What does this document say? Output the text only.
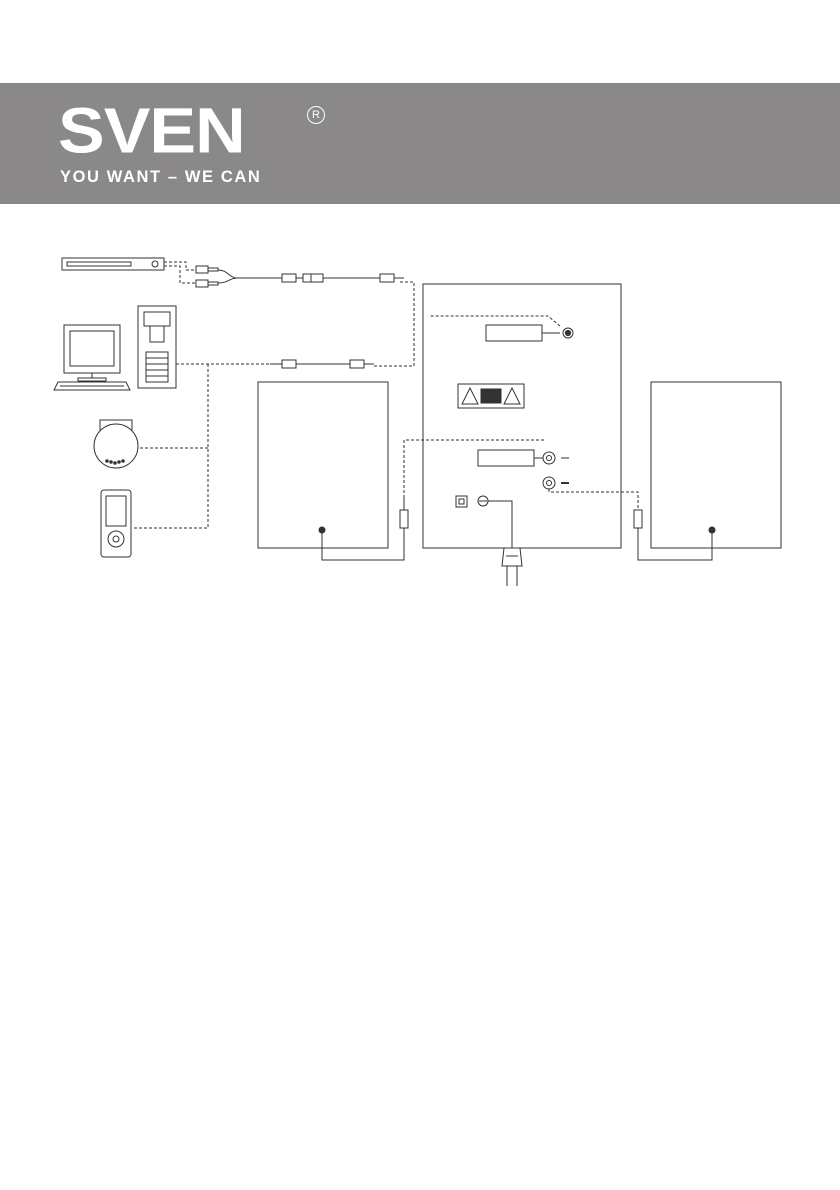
SVEN	R
YOU WANT – WE CAN
